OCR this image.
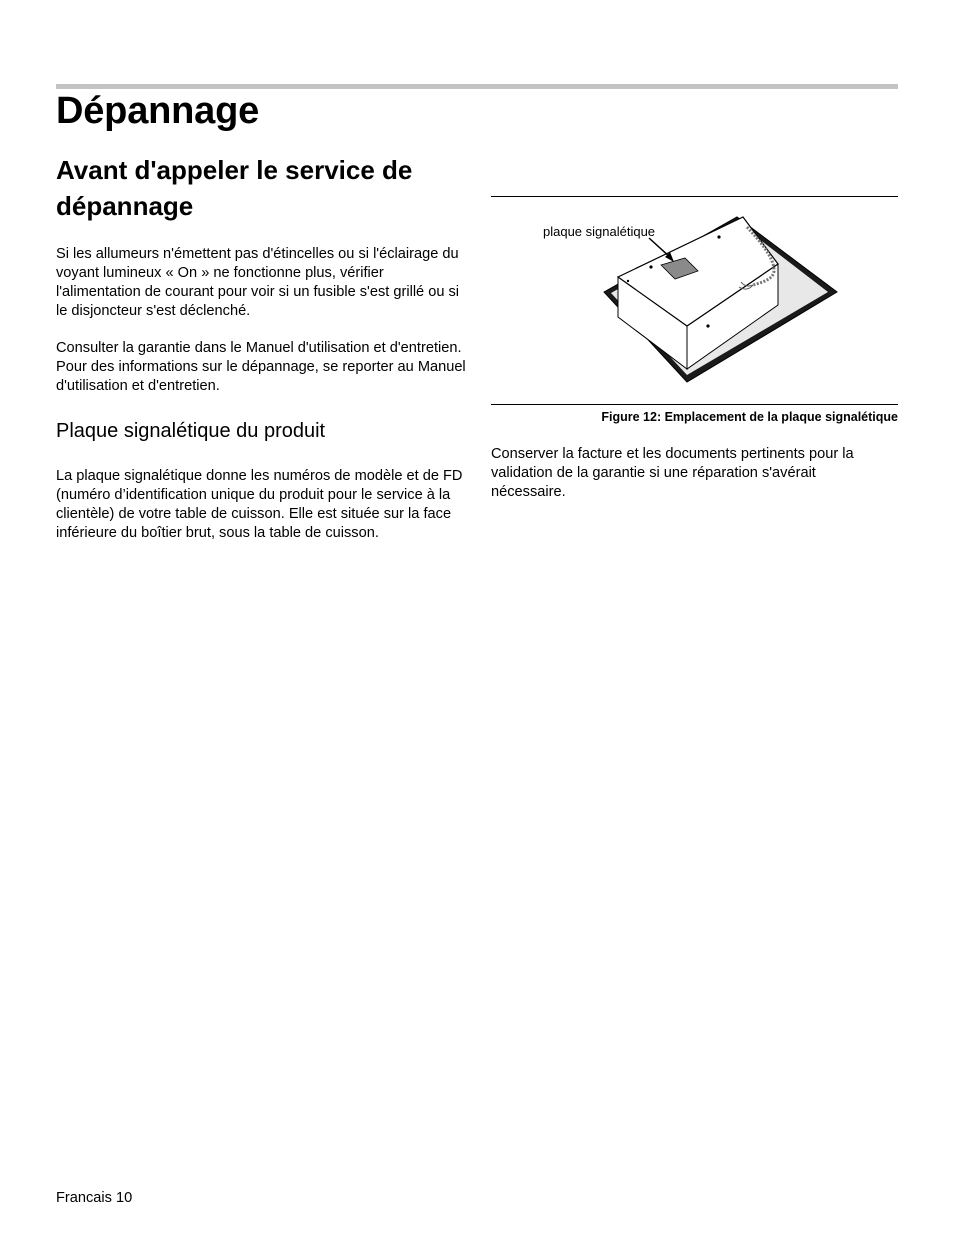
Dépannage
Avant d'appeler le service de dépannage

Si les allumeurs n'émettent pas d'étincelles ou si l'éclairage du voyant lumineux « On » ne fonctionne plus, vérifier l'alimentation de courant pour voir si un fusible s'est grillé ou si le disjoncteur s'est déclenché.

Consulter la garantie dans le Manuel d'utilisation et d'entretien. Pour des informations sur le dépannage, se reporter au Manuel d'utilisation et d'entretien.

Plaque signalétique du produit

La plaque signalétique donne les numéros de modèle et de FD (numéro d’identification unique du produit pour le service à la clientèle) de votre table de cuisson. Elle est située sur la face inférieure du boîtier brut, sous la table de cuisson.

plaque signalétique

Figure 12: Emplacement de la plaque signalétique

Conserver la facture et les documents pertinents pour la validation de la garantie si une réparation s'avérait nécessaire.

Francais 10
